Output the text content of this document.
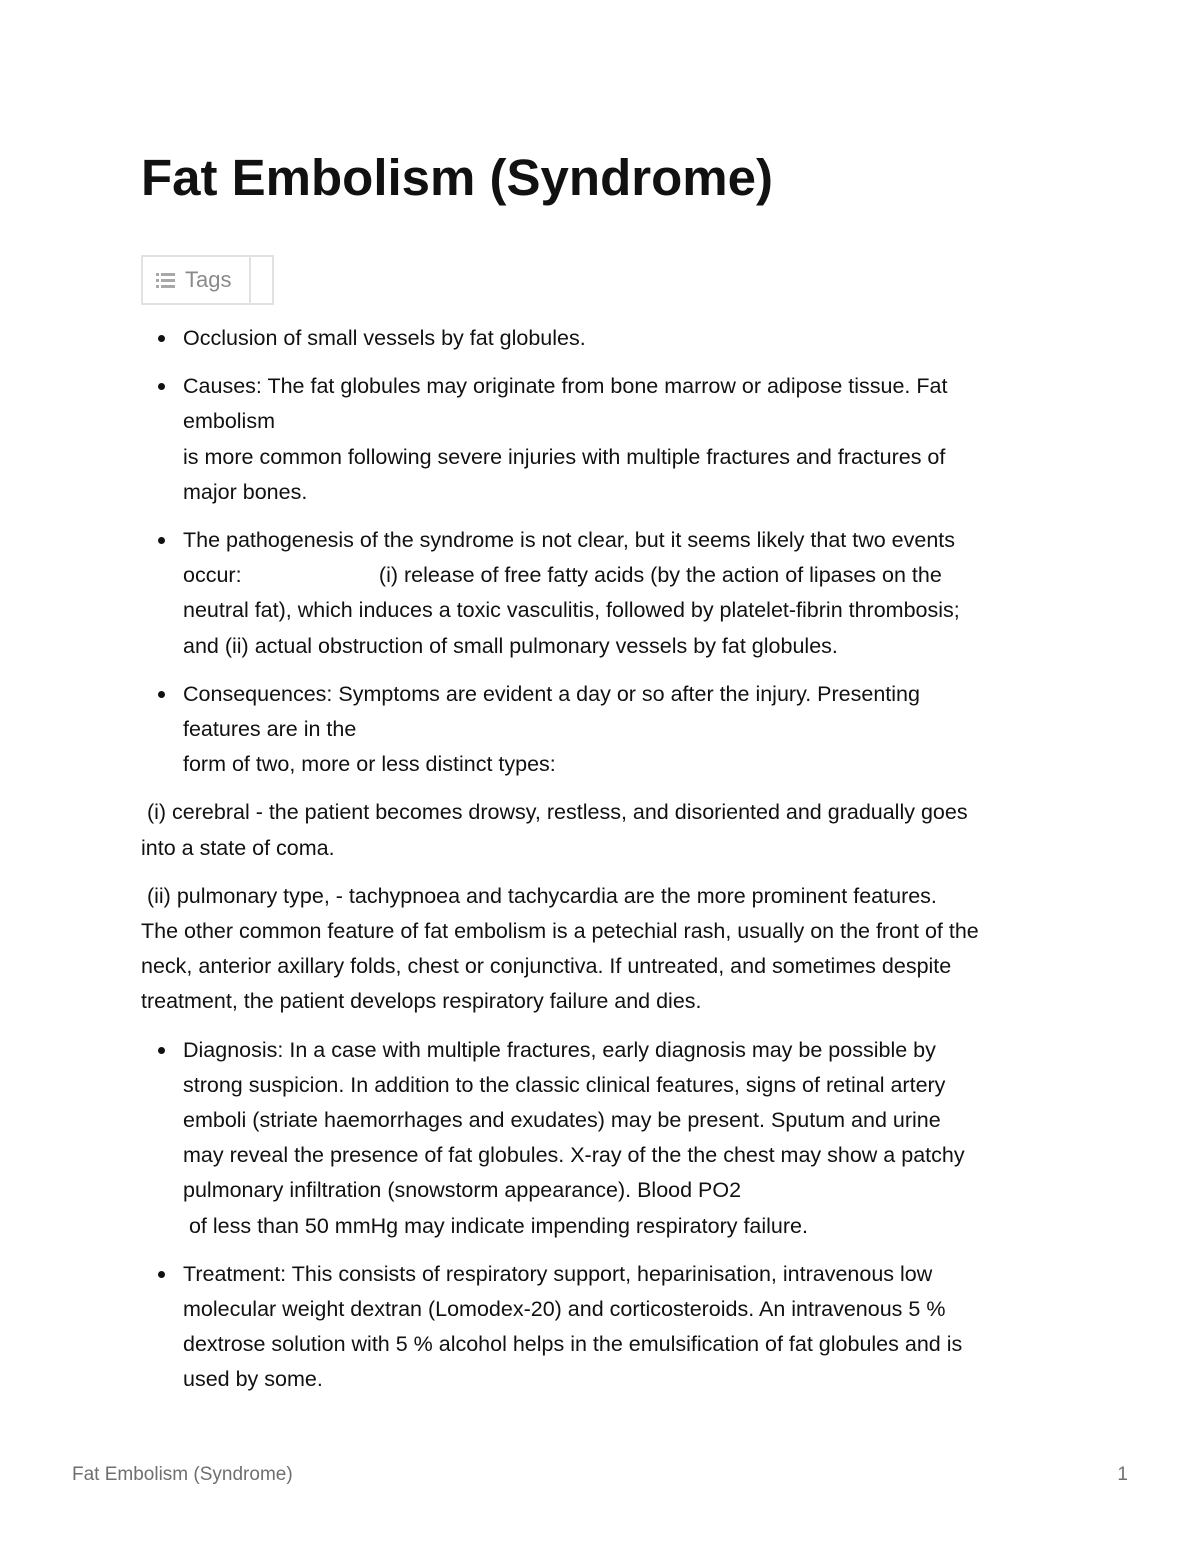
Fat Embolism (Syndrome)
Tags
Occlusion of small vessels by fat globules.
Causes: The fat globules may originate from bone marrow or adipose tissue. Fat
embolism
is more common following severe injuries with multiple fractures and fractures of
major bones.
The pathogenesis of the syndrome is not clear, but it seems likely that two events
occur:                       (i) release of free fatty acids (by the action of lipases on the
neutral fat), which induces a toxic vasculitis, followed by platelet-fibrin thrombosis;
and (ii) actual obstruction of small pulmonary vessels by fat globules.
Consequences: Symptoms are evident a day or so after the injury. Presenting
features are in the
form of two, more or less distinct types:

(i) cerebral - the patient becomes drowsy, restless, and disoriented and gradually goes
into a state of coma.

(ii) pulmonary type, - tachypnoea and tachycardia are the more prominent features.
The other common feature of fat embolism is a petechial rash, usually on the front of the
neck, anterior axillary folds, chest or conjunctiva. If untreated, and sometimes despite
treatment, the patient develops respiratory failure and dies.

Diagnosis: In a case with multiple fractures, early diagnosis may be possible by
strong suspicion. In addition to the classic clinical features, signs of retinal artery
emboli (striate haemorrhages and exudates) may be present. Sputum and urine
may reveal the presence of fat globules. X-ray of the the chest may show a patchy
pulmonary infiltration (snowstorm appearance). Blood PO2
of less than 50 mmHg may indicate impending respiratory failure.
Treatment: This consists of respiratory support, heparinisation, intravenous low
molecular weight dextran (Lomodex-20) and corticosteroids. An intravenous 5 %
dextrose solution with 5 % alcohol helps in the emulsification of fat globules and is
used by some.
Fat Embolism (Syndrome)	1
